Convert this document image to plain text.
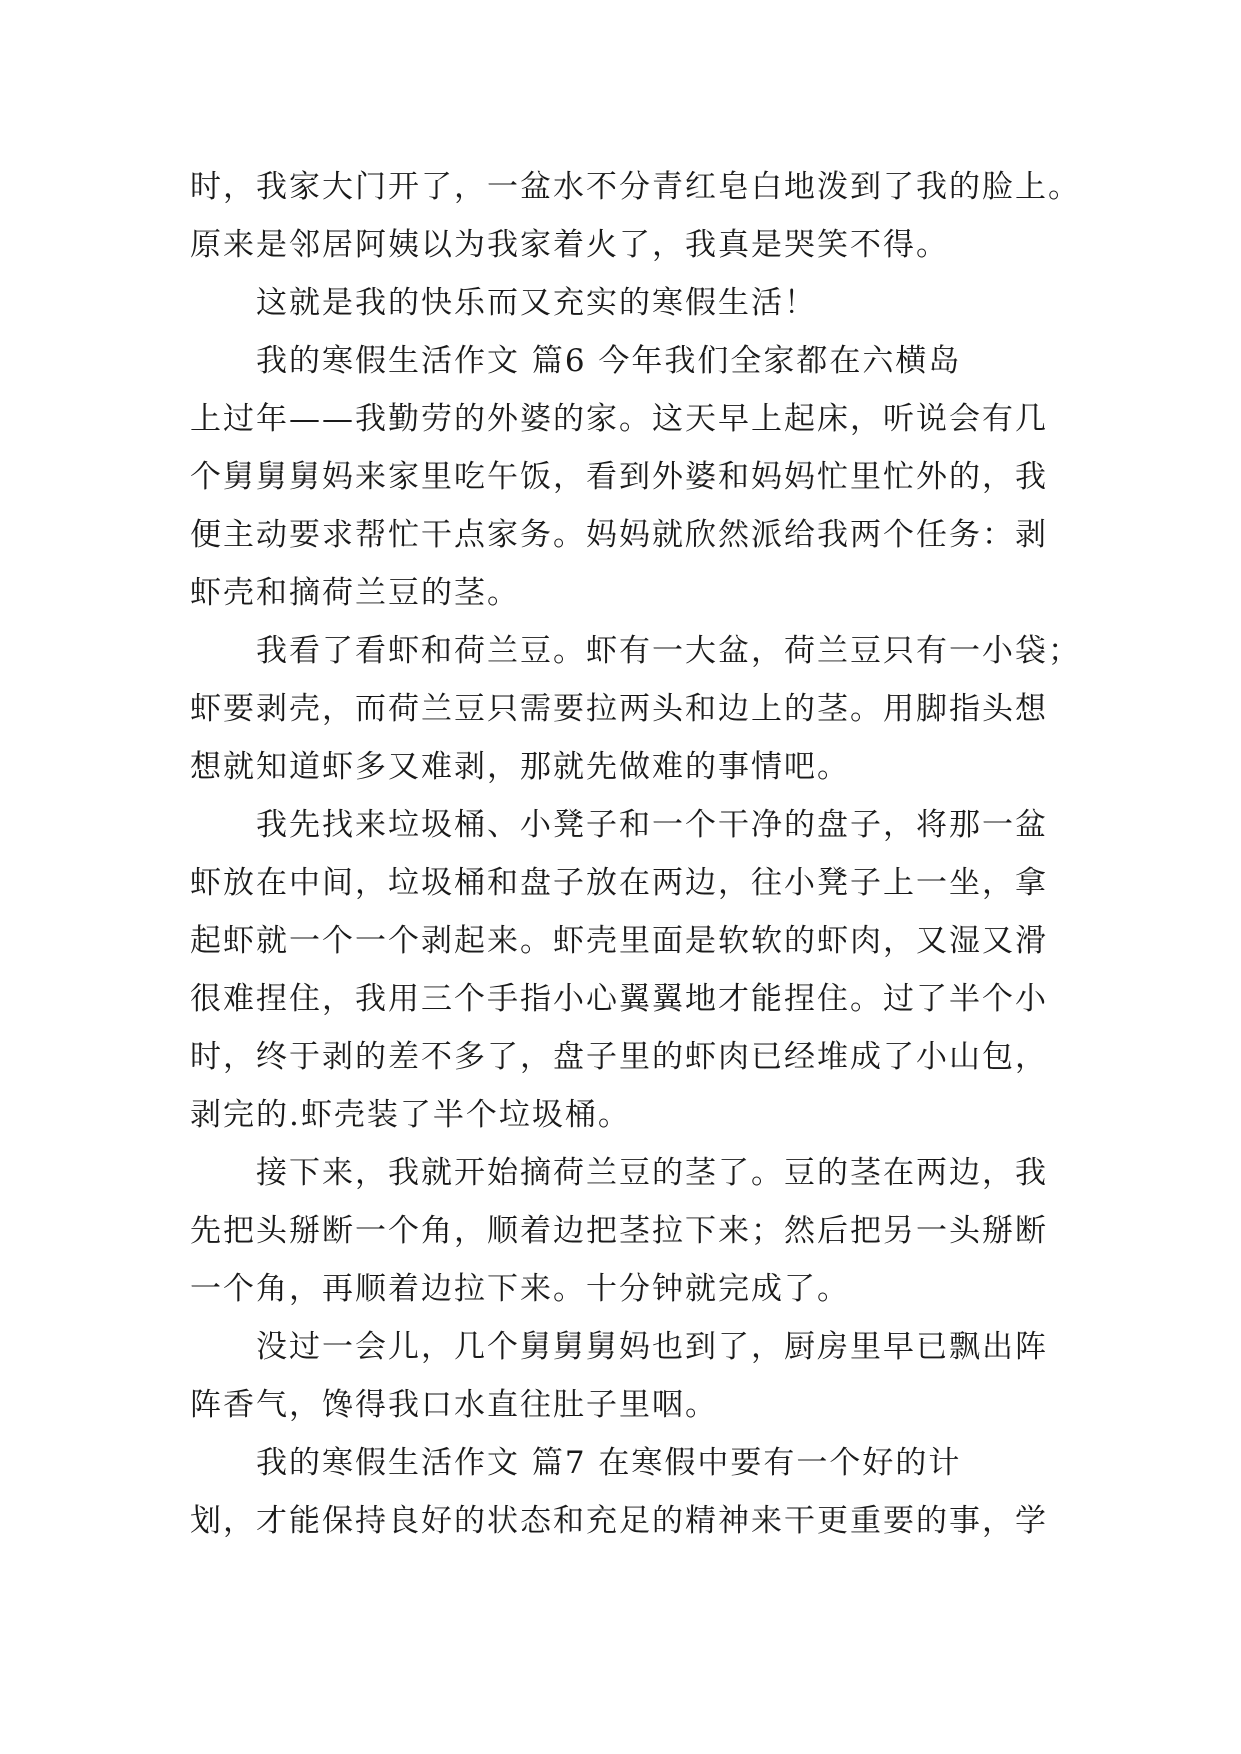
时，我家大门开了，一盆水不分青红皂白地泼到了我的脸上。
原来是邻居阿姨以为我家着火了，我真是哭笑不得。
这就是我的快乐而又充实的寒假生活！
我的寒假生活作文 篇6 今年我们全家都在六横岛
上过年——我勤劳的外婆的家。这天早上起床，听说会有几
个舅舅舅妈来家里吃午饭，看到外婆和妈妈忙里忙外的，我
便主动要求帮忙干点家务。妈妈就欣然派给我两个任务：剥
虾壳和摘荷兰豆的茎。
我看了看虾和荷兰豆。虾有一大盆，荷兰豆只有一小袋；
虾要剥壳，而荷兰豆只需要拉两头和边上的茎。用脚指头想
想就知道虾多又难剥，那就先做难的事情吧。
我先找来垃圾桶、小凳子和一个干净的盘子，将那一盆
虾放在中间，垃圾桶和盘子放在两边，往小凳子上一坐，拿
起虾就一个一个剥起来。虾壳里面是软软的虾肉，又湿又滑
很难捏住，我用三个手指小心翼翼地才能捏住。过了半个小
时，终于剥的差不多了，盘子里的虾肉已经堆成了小山包，
剥完的.虾壳装了半个垃圾桶。
接下来，我就开始摘荷兰豆的茎了。豆的茎在两边，我
先把头掰断一个角，顺着边把茎拉下来；然后把另一头掰断
一个角，再顺着边拉下来。十分钟就完成了。
没过一会儿，几个舅舅舅妈也到了，厨房里早已飘出阵
阵香气，馋得我口水直往肚子里咽。
我的寒假生活作文 篇7 在寒假中要有一个好的计
划，才能保持良好的状态和充足的精神来干更重要的事，学
